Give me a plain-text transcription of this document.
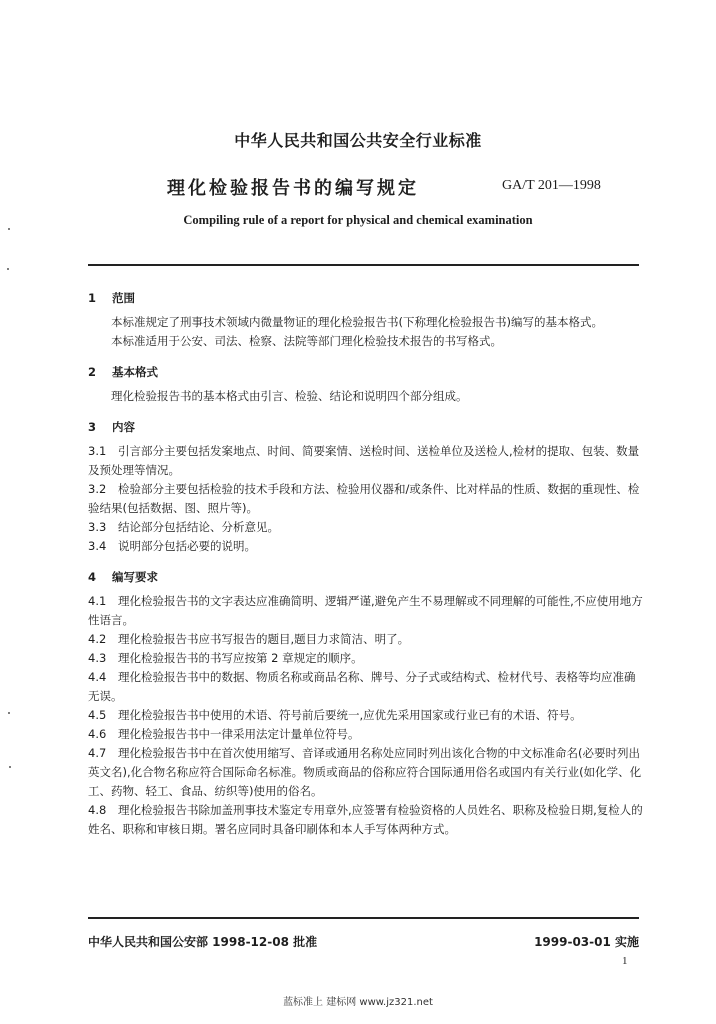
中华人民共和国公共安全行业标准
理化检验报告书的编写规定	GA/T 201—1998
Compiling rule of a report for physical and chemical examination
1 范围

本标准规定了刑事技术领域内微量物证的理化检验报告书(下称理化检验报告书)编写的基本格式。

本标准适用于公安、司法、检察、法院等部门理化检验技术报告的书写格式。

2 基本格式

理化检验报告书的基本格式由引言、检验、结论和说明四个部分组成。

3 内容

3.1 引言部分主要包括发案地点、时间、简要案情、送检时间、送检单位及送检人,检材的提取、包装、数量及预处理等情况。

3.2 检验部分主要包括检验的技术手段和方法、检验用仪器和/或条件、比对样品的性质、数据的重现性、检验结果(包括数据、图、照片等)。

3.3 结论部分包括结论、分析意见。

3.4 说明部分包括必要的说明。

4 编写要求

4.1 理化检验报告书的文字表达应准确简明、逻辑严谨,避免产生不易理解或不同理解的可能性,不应使用地方性语言。

4.2 理化检验报告书应书写报告的题目,题目力求简洁、明了。

4.3 理化检验报告书的书写应按第 2 章规定的顺序。

4.4 理化检验报告书中的数据、物质名称或商品名称、牌号、分子式或结构式、检材代号、表格等均应准确无误。

4.5 理化检验报告书中使用的术语、符号前后要统一,应优先采用国家或行业已有的术语、符号。

4.6 理化检验报告书中一律采用法定计量单位符号。

4.7 理化检验报告书中在首次使用缩写、音译或通用名称处应同时列出该化合物的中文标准命名(必要时列出英文名),化合物名称应符合国际命名标准。物质或商品的俗称应符合国际通用俗名或国内有关行业(如化学、化工、药物、轻工、食品、纺织等)使用的俗名。

4.8 理化检验报告书除加盖刑事技术鉴定专用章外,应签署有检验资格的人员姓名、职称及检验日期,复检人的姓名、职称和审核日期。署名应同时具备印刷体和本人手写体两种方式。

中华人民共和国公安部 1998-12-08 批准	1999-03-01 实施
1
蓝标准上 建标网 www.jz321.net
